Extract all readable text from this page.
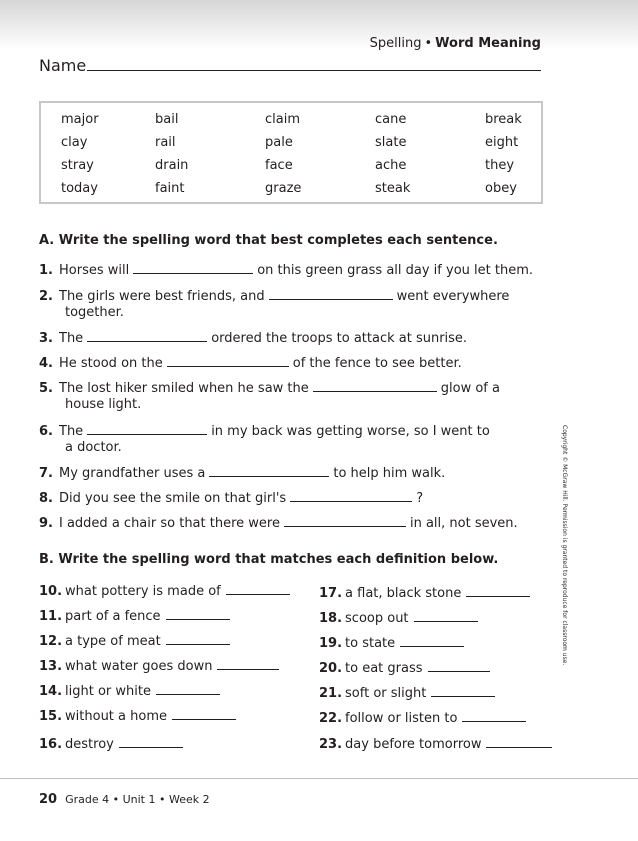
Spelling • Word Meaning
Name
major	bail	claim	cane	break
clay	rail	pale	slate	eight
stray	drain	face	ache	they
today	faint	graze	steak	obey
A. Write the spelling word that best completes each sentence.
1. Horses will	on this green grass all day if you let them.
2. The girls were best friends, and	went everywhere
together.
3. The	ordered the troops to attack at sunrise.
4. He stood on the	of the fence to see better.
5. The lost hiker smiled when he saw the	glow of a
house light.
6. The	in my back was getting worse, so I went to
a doctor.
7. My grandfather uses a	to help him walk.
8. Did you see the smile on that girl's	?
9. I added a chair so that there were	in all, not seven.
B. Write the spelling word that matches each definition below.
10. what pottery is made of
11. part of a fence
12. a type of meat
13. what water goes down
14. light or white
15. without a home
16. destroy
17. a flat, black stone
18. scoop out
19. to state
20. to eat grass
21. soft or slight
22. follow or listen to
23. day before tomorrow
Copyright © McGraw Hill. Permission is granted to reproduce for classroom use.
20 Grade 4 • Unit 1 • Week 2
